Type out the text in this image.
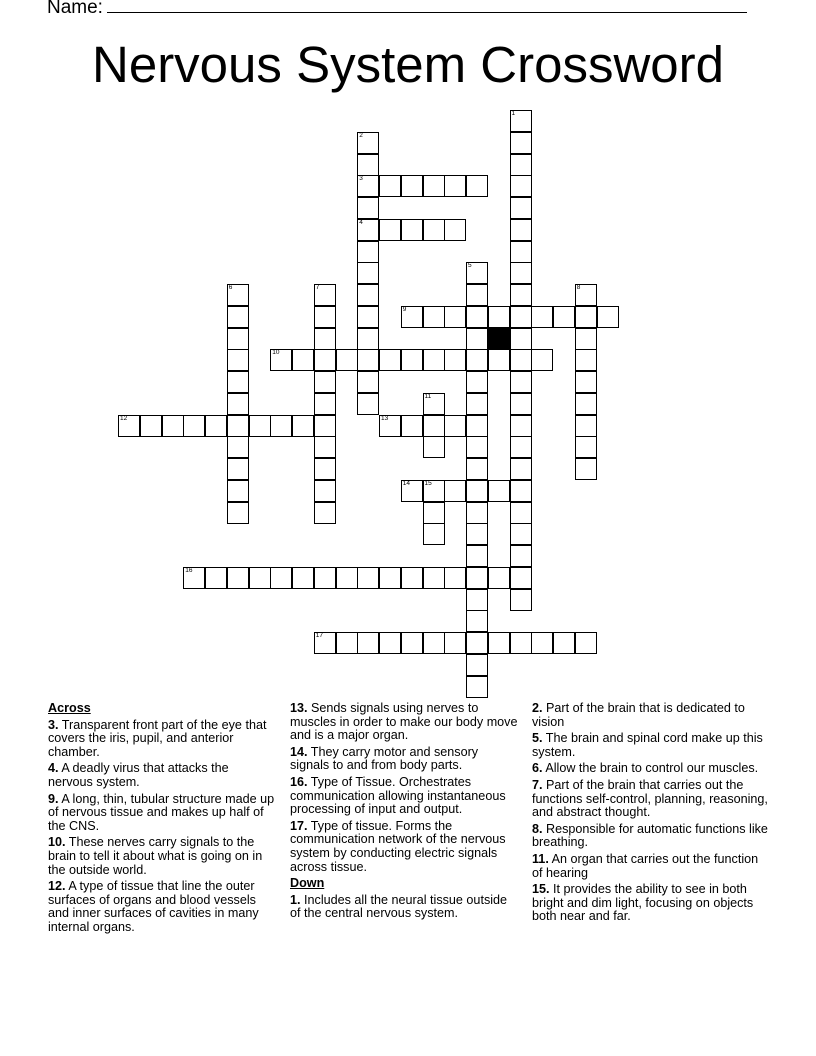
Name:
Nervous System Crossword
1
2
3
4
5
6	7	8
9
10
11
12	13
14 15
16
17
Across
3. Transparent front part of the eye that covers the iris, pupil, and anterior chamber.
4. A deadly virus that attacks the nervous system.
9. A long, thin, tubular structure made up of nervous tissue and makes up half of the CNS.
10. These nerves carry signals to the brain to tell it about what is going on in the outside world.
12. A type of tissue that line the outer surfaces of organs and blood vessels and inner surfaces of cavities in many internal organs.
13. Sends signals using nerves to muscles in order to make our body move and is a major organ.
14. They carry motor and sensory signals to and from body parts.
16. Type of Tissue. Orchestrates communication allowing instantaneous processing of input and output.
17. Type of tissue. Forms the communication network of the nervous system by conducting electric signals across tissue.
Down
1. Includes all the neural tissue outside of the central nervous system.
2. Part of the brain that is dedicated to vision
5. The brain and spinal cord make up this system.
6. Allow the brain to control our muscles.
7. Part of the brain that carries out the functions self-control, planning, reasoning, and abstract thought.
8. Responsible for automatic functions like breathing.
11. An organ that carries out the function of hearing
15. It provides the ability to see in both bright and dim light, focusing on objects both near and far.
